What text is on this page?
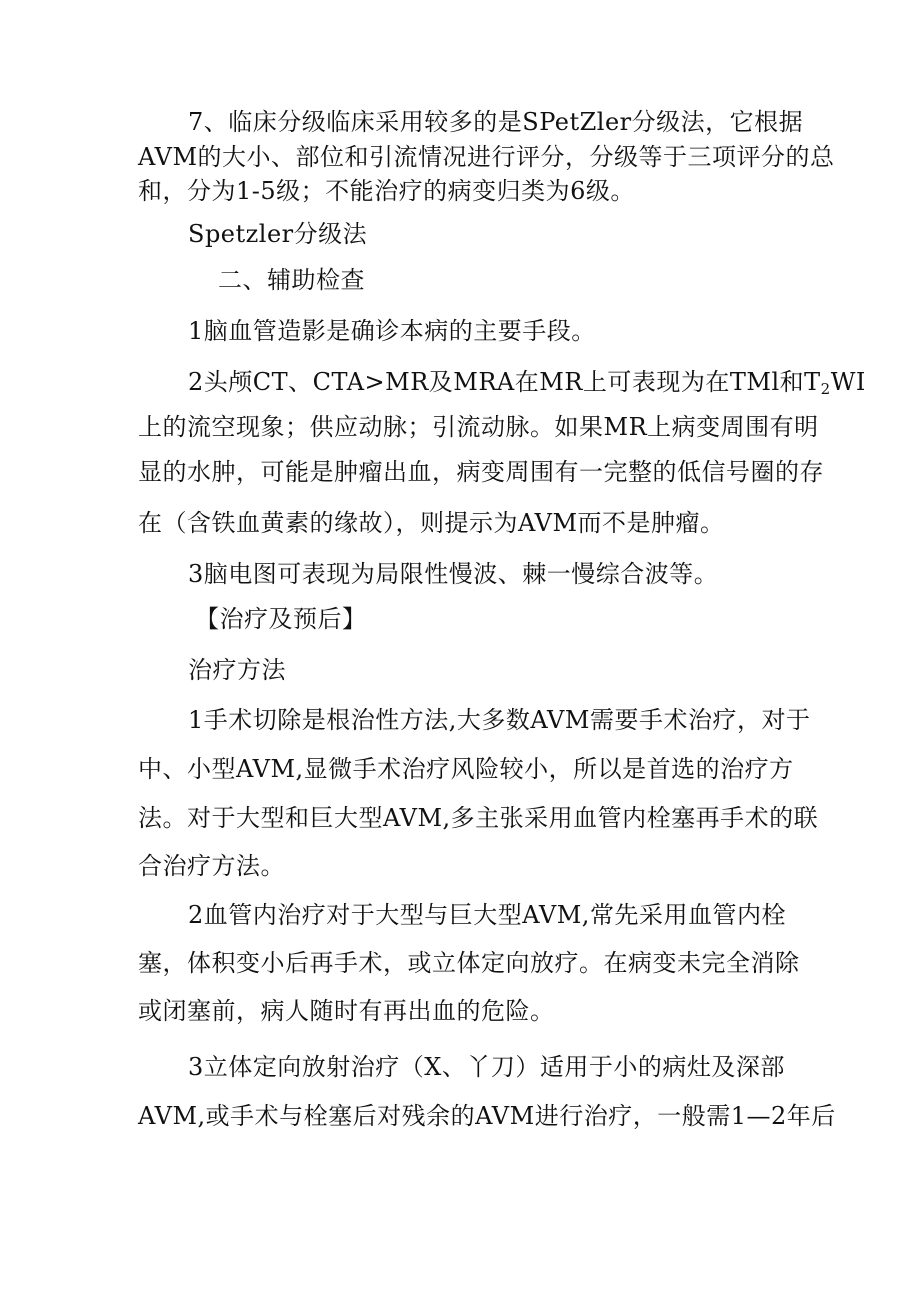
7、临床分级临床采用较多的是SPetZler分级法，它根据
AVM的大小、部位和引流情况进行评分，分级等于三项评分的总
和，分为1-5级；不能治疗的病变归类为6级。
Spetzler分级法
二、辅助检查
1脑血管造影是确诊本病的主要手段。
2头颅CT、CTA>MR及MRA在MR上可表现为在TMl和$T_2WI$
上的流空现象；供应动脉；引流动脉。如果MR上病变周围有明
显的水肿，可能是肿瘤出血，病变周围有一完整的低信号圈的存
在（含铁血黄素的缘故），则提示为AVM而不是肿瘤。
3脑电图可表现为局限性慢波、棘一慢综合波等。
【治疗及预后】
治疗方法
1手术切除是根治性方法,大多数AVM需要手术治疗，对于
中、小型AVM,显微手术治疗风险较小，所以是首选的治疗方
法。对于大型和巨大型AVM,多主张采用血管内栓塞再手术的联
合治疗方法。
2血管内治疗对于大型与巨大型AVM,常先采用血管内栓
塞，体积变小后再手术，或立体定向放疗。在病变未完全消除
或闭塞前，病人随时有再出血的危险。
3立体定向放射治疗（X、丫刀）适用于小的病灶及深部
AVM,或手术与栓塞后对残余的AVM进行治疗，一般需1—2年后
